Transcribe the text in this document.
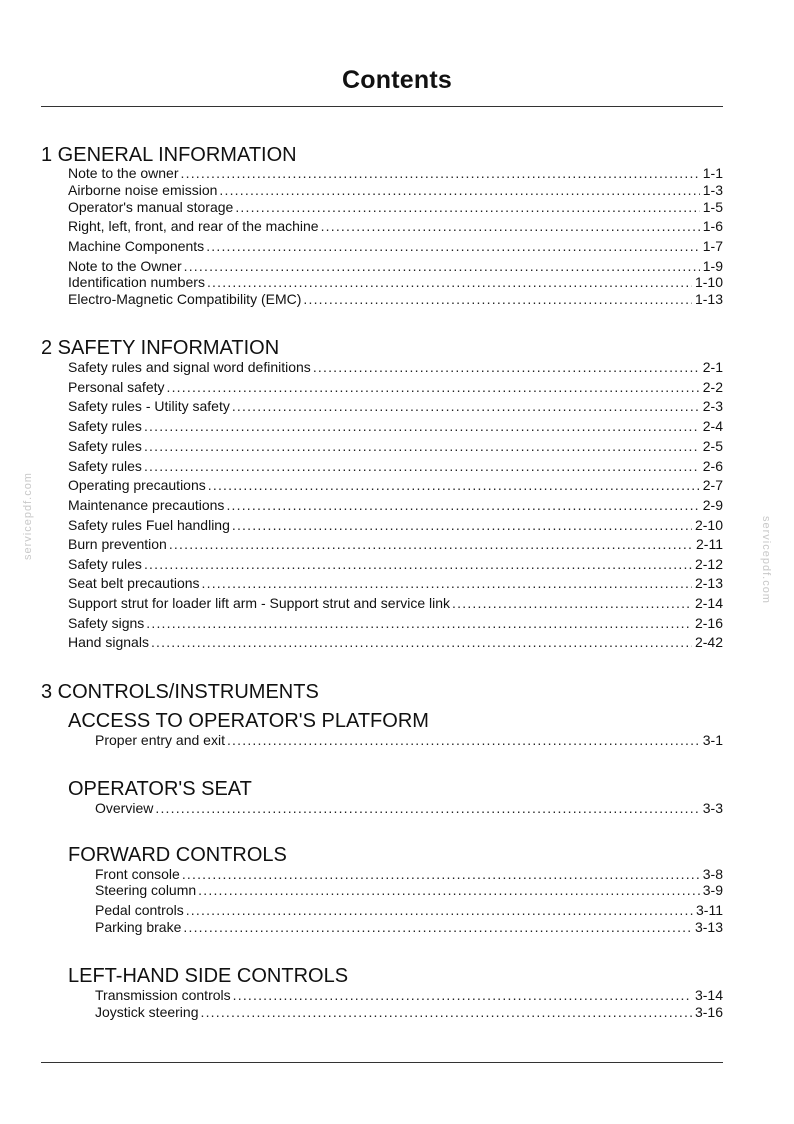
Contents
1 GENERAL INFORMATION
Note to the owner .....	1-1
Airborne noise emission .....	1-3
Operator's manual storage .....	1-5
Right, left, front, and rear of the machine .....	1-6
Machine Components .....	1-7
Note to the Owner .....	1-9
Identification numbers .....	1-10
Electro-Magnetic Compatibility (EMC) .....	1-13
2 SAFETY INFORMATION
Safety rules and signal word definitions .....	2-1
Personal safety .....	2-2
Safety rules - Utility safety .....	2-3
Safety rules .....	2-4
Safety rules .....	2-5
Safety rules .....	2-6
Operating precautions .....	2-7
Maintenance precautions .....	2-9
Safety rules Fuel handling .....	2-10
Burn prevention .....	2-11
Safety rules .....	2-12
Seat belt precautions .....	2-13
Support strut for loader lift arm - Support strut and service link .....	2-14
Safety signs .....	2-16
Hand signals .....	2-42
3 CONTROLS/INSTRUMENTS
ACCESS TO OPERATOR'S PLATFORM
Proper entry and exit .....	3-1
OPERATOR'S SEAT
Overview .....	3-3
FORWARD CONTROLS
Front console .....	3-8
Steering column .....	3-9
Pedal controls .....	3-11
Parking brake .....	3-13
LEFT-HAND SIDE CONTROLS
Transmission controls .....	3-14
Joystick steering .....	3-16
servicepdf.com	servicepdf.com
